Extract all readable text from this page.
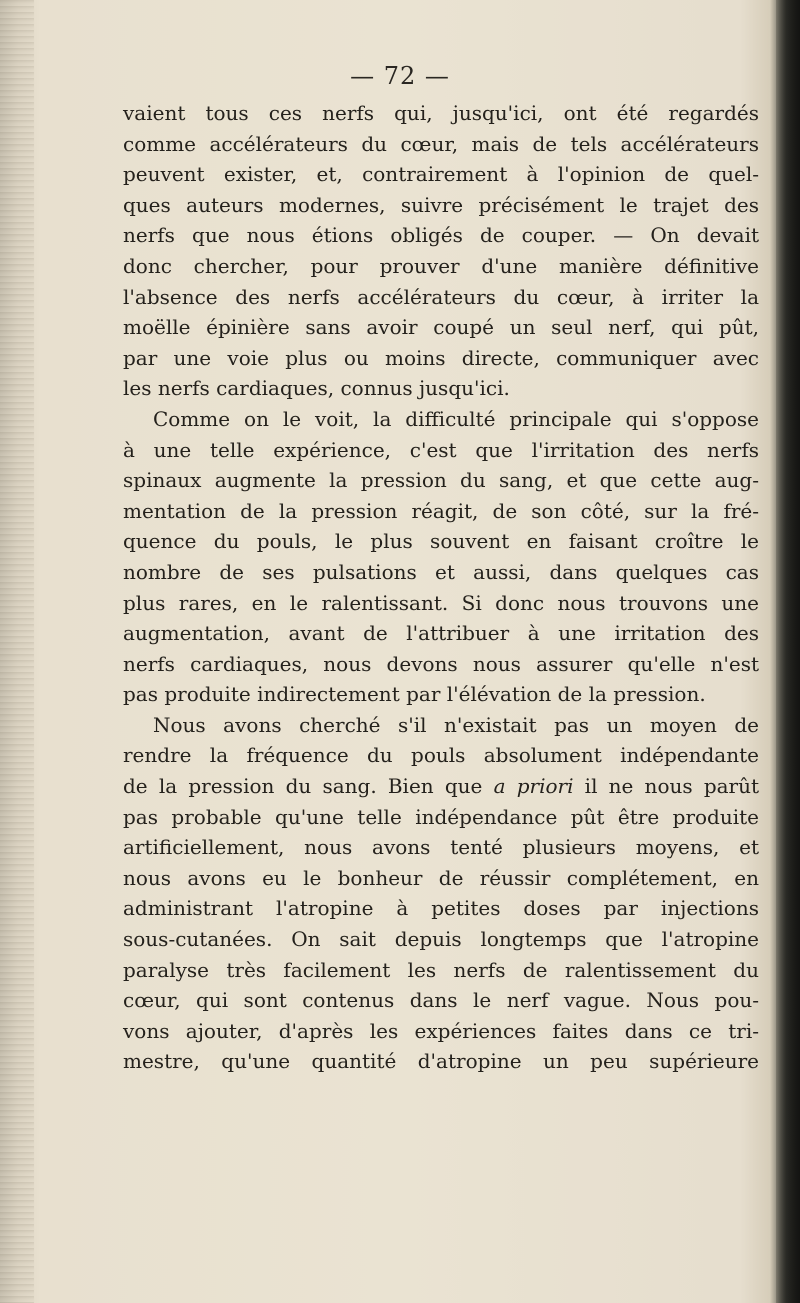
— 72 —

vaient tous ces nerfs qui, jusqu'ici, ont été regardés
comme accélérateurs du cœur, mais de tels accélérateurs
peuvent exister, et, contrairement à l'opinion de quel-
ques auteurs modernes, suivre précisément le trajet des
nerfs que nous étions obligés de couper. — On devait
donc chercher, pour prouver d'une manière définitive
l'absence des nerfs accélérateurs du cœur, à irriter la
moëlle épinière sans avoir coupé un seul nerf, qui pût,
par une voie plus ou moins directe, communiquer avec
les nerfs cardiaques, connus jusqu'ici.
Comme on le voit, la difficulté principale qui s'oppose
à une telle expérience, c'est que l'irritation des nerfs
spinaux augmente la pression du sang, et que cette aug-
mentation de la pression réagit, de son côté, sur la fré-
quence du pouls, le plus souvent en faisant croître le
nombre de ses pulsations et aussi, dans quelques cas
plus rares, en le ralentissant. Si donc nous trouvons une
augmentation, avant de l'attribuer à une irritation des
nerfs cardiaques, nous devons nous assurer qu'elle n'est
pas produite indirectement par l'élévation de la pression.
Nous avons cherché s'il n'existait pas un moyen de
rendre la fréquence du pouls absolument indépendante
de la pression du sang. Bien que a priori il ne nous parût
pas probable qu'une telle indépendance pût être produite
artificiellement, nous avons tenté plusieurs moyens, et
nous avons eu le bonheur de réussir complétement, en
administrant l'atropine à petites doses par injections
sous-cutanées. On sait depuis longtemps que l'atropine
paralyse très facilement les nerfs de ralentissement du
cœur, qui sont contenus dans le nerf vague. Nous pou-
vons ajouter, d'après les expériences faites dans ce tri-
mestre, qu'une quantité d'atropine un peu supérieure
